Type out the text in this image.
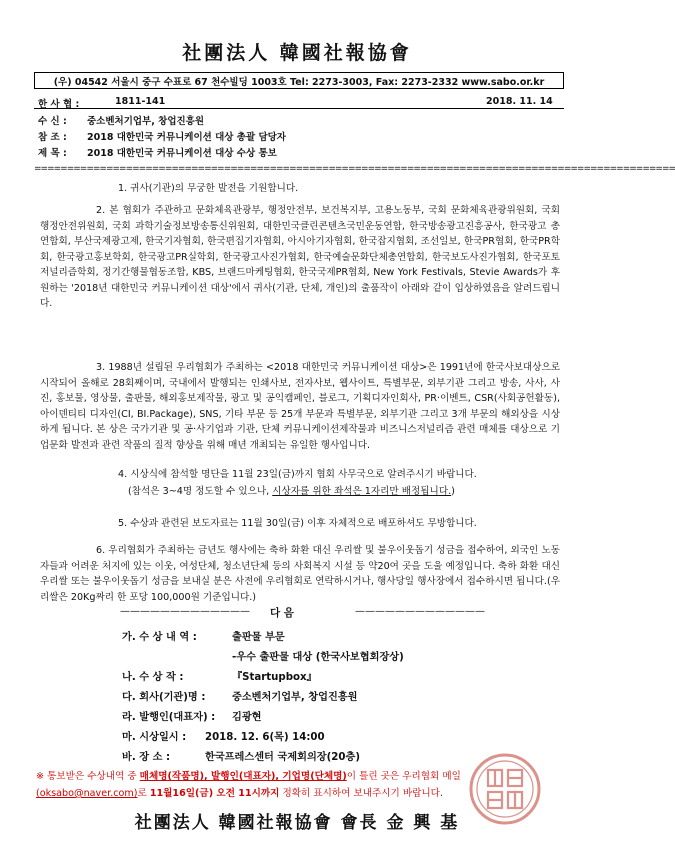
社團法人 韓國社報協會
(우) 04542 서울시 중구 수표로 67 천수빌딩 1003호 Tel: 2273-3003, Fax: 2273-2332 www.sabo.or.kr
한 사 협 :	1811-141	2018. 11. 14
수 신 : 중소벤처기업부, 창업진흥원
참 조 : 2018 대한민국 커뮤니케이션 대상 총괄 담당자
제 목 : 2018 대한민국 커뮤니케이션 대상 수상 통보
==================================================================================================
1. 귀사(기관)의 무궁한 발전을 기원합니다.
2. 본 협회가 주관하고 문화체육관광부, 행정안전부, 보건복지부, 고용노동부, 국회 문화체육관광위원회, 국회 행정안전위원회, 국회 과학기술정보방송통신위원회, 대한민국클린콘텐츠국민운동연합, 한국방송광고진흥공사, 한국광고 총연합회, 부산국제광고제, 한국기자협회, 한국편집기자협회, 아시아기자협회, 한국잡지협회, 조선일보, 한국PR협회, 한국PR학회, 한국광고홍보학회, 한국광고PR실학회, 한국광고사진가협회, 한국예술문화단체총연합회, 한국보도사진가협회, 한국포토저널리즘학회, 정기간행물협동조합, KBS, 브랜드마케팅협회, 한국국제PR협회, New York Festivals, Stevie Awards가 후원하는 '2018년 대한민국 커뮤니케이션 대상'에서 귀사(기관, 단체, 개인)의 출품작이 아래와 같이 입상하였음을 알려드립니다.
3. 1988년 설립된 우리협회가 주최하는 <2018 대한민국 커뮤니케이션 대상>은 1991년에 한국사보대상으로 시작되어 올해로 28회째이며, 국내에서 발행되는 인쇄사보, 전자사보, 웹사이트, 특별부문, 외부기관 그리고 방송, 사사, 사진, 홍보물, 영상물, 출판물, 해외홍보제작물, 광고 및 공익캠페인, 블로그, 기획디자인회사, PR·이벤트, CSR(사회공헌활동), 아이덴티티 디자인(CI, BI.Package), SNS, 기타 부문 등 25개 부문과 특별부문, 외부기관 그리고 3개 부문의 해외상을 시상하게 됩니다. 본 상은 국가기관 및 공·사기업과 기관, 단체 커뮤니케이션제작물과 비즈니스저널리즘 관련 매체를 대상으로 기업문화 발전과 관련 작품의 질적 향상을 위해 매년 개최되는 유일한 행사입니다.
4. 시상식에 참석할 명단을 11월 23일(금)까지 협회 사무국으로 알려주시기 바랍니다.
(참석은 3~4명 정도할 수 있으나, 시상자를 위한 좌석은 1자리만 배정됩니다.)
5. 수상과 관련된 보도자료는 11월 30일(금) 이후 자체적으로 배포하셔도 무방합니다.
6. 우리협회가 주최하는 금년도 행사에는 축하 화환 대신 우리쌀 및 불우이웃돕기 성금을 접수하여, 외국인 노동자들과 어려운 처지에 있는 이웃, 여성단체, 청소년단체 등의 사회복지 시설 등 약20여 곳을 도울 예정입니다. 축하 화환 대신 우리쌀 또는 불우이웃돕기 성금을 보내실 분은 사전에 우리협회로 연락하시거나, 행사당일 행사장에서 접수하시면 됩니다.(우리쌀은 20Kg짜리 한 포당 100,000원 기준입니다.)
————————————— 다 음	—————————————
가. 수 상 내 역 :	출판물 부문
-우수 출판물 대상 (한국사보협회장상)
나. 수 상 작 :	『Startupbox』
다. 회사(기관)명 :	중소벤처기업부, 창업진흥원
라. 발행인(대표자) : 김광현
마. 시상일시 : 2018. 12. 6(목) 14:00
바. 장 소 :	한국프레스센터 국제회의장(20층)
※ 통보받은 수상내역 중 매체명(작품명), 발행인(대표자), 기업명(단체명)이 틀린 곳은 우리협회 메일
(oksabo@naver.com)로 11월16일(금) 오전 11시까지 정확히 표시하여 보내주시기 바랍니다.
社團法人 韓國社報協會 會長 金 興 基
